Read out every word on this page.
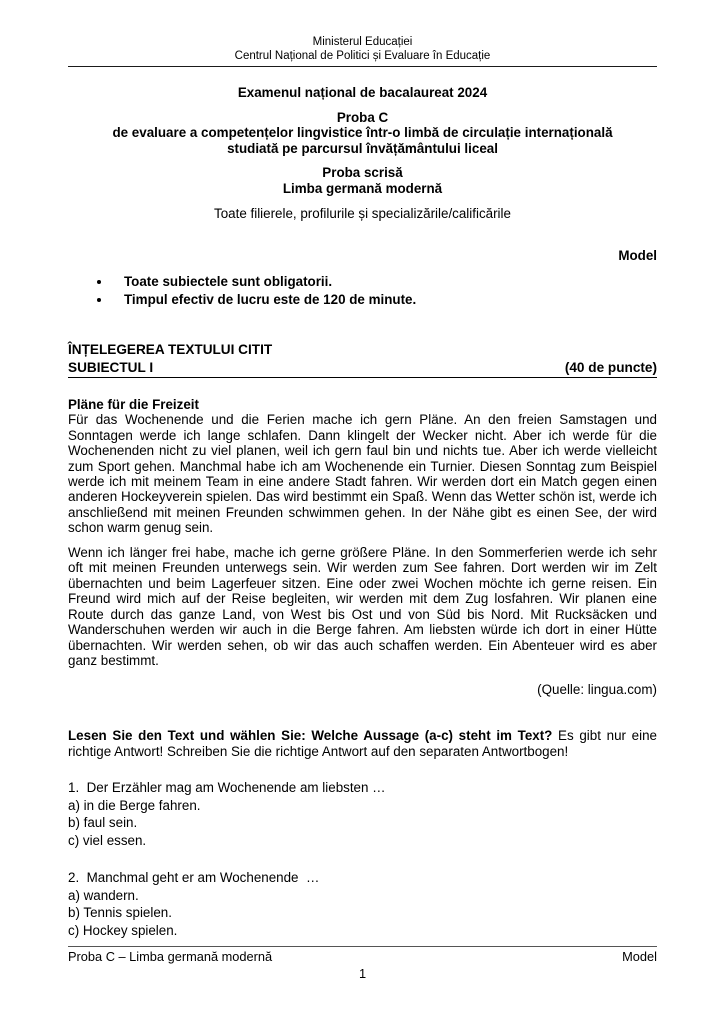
Ministerul Educației
Centrul Național de Politici și Evaluare în Educație
Examenul național de bacalaureat 2024
Proba C
de evaluare a competențelor lingvistice într-o limbă de circulație internațională
studiată pe parcursul învățământului liceal
Proba scrisă
Limba germană modernă
Toate filierele, profilurile și specializările/calificările
Model
• Toate subiectele sunt obligatorii.
• Timpul efectiv de lucru este de 120 de minute.
ÎNȚELEGEREA TEXTULUI CITIT
SUBIECTUL I	(40 de puncte)
Pläne für die Freizeit
Für das Wochenende und die Ferien mache ich gern Pläne. An den freien Samstagen und Sonntagen werde ich lange schlafen. Dann klingelt der Wecker nicht. Aber ich werde für die Wochenenden nicht zu viel planen, weil ich gern faul bin und nichts tue. Aber ich werde vielleicht zum Sport gehen. Manchmal habe ich am Wochenende ein Turnier. Diesen Sonntag zum Beispiel werde ich mit meinem Team in eine andere Stadt fahren. Wir werden dort ein Match gegen einen anderen Hockeyverein spielen. Das wird bestimmt ein Spaß. Wenn das Wetter schön ist, werde ich anschließend mit meinen Freunden schwimmen gehen. In der Nähe gibt es einen See, der wird schon warm genug sein.
Wenn ich länger frei habe, mache ich gerne größere Pläne. In den Sommerferien werde ich sehr oft mit meinen Freunden unterwegs sein. Wir werden zum See fahren. Dort werden wir im Zelt übernachten und beim Lagerfeuer sitzen. Eine oder zwei Wochen möchte ich gerne reisen. Ein Freund wird mich auf der Reise begleiten, wir werden mit dem Zug losfahren. Wir planen eine Route durch das ganze Land, von West bis Ost und von Süd bis Nord. Mit Rucksäcken und Wanderschuhen werden wir auch in die Berge fahren. Am liebsten würde ich dort in einer Hütte übernachten. Wir werden sehen, ob wir das auch schaffen werden. Ein Abenteuer wird es aber ganz bestimmt.
(Quelle: lingua.com)
Lesen Sie den Text und wählen Sie: Welche Aussage (a-c) steht im Text? Es gibt nur eine richtige Antwort! Schreiben Sie die richtige Antwort auf den separaten Antwortbogen!
1.  Der Erzähler mag am Wochenende am liebsten …
a) in die Berge fahren.
b) faul sein.
c) viel essen.
2.  Manchmal geht er am Wochenende  …
a) wandern.
b) Tennis spielen.
c) Hockey spielen.
Proba C – Limba germană modernă	Model
1
